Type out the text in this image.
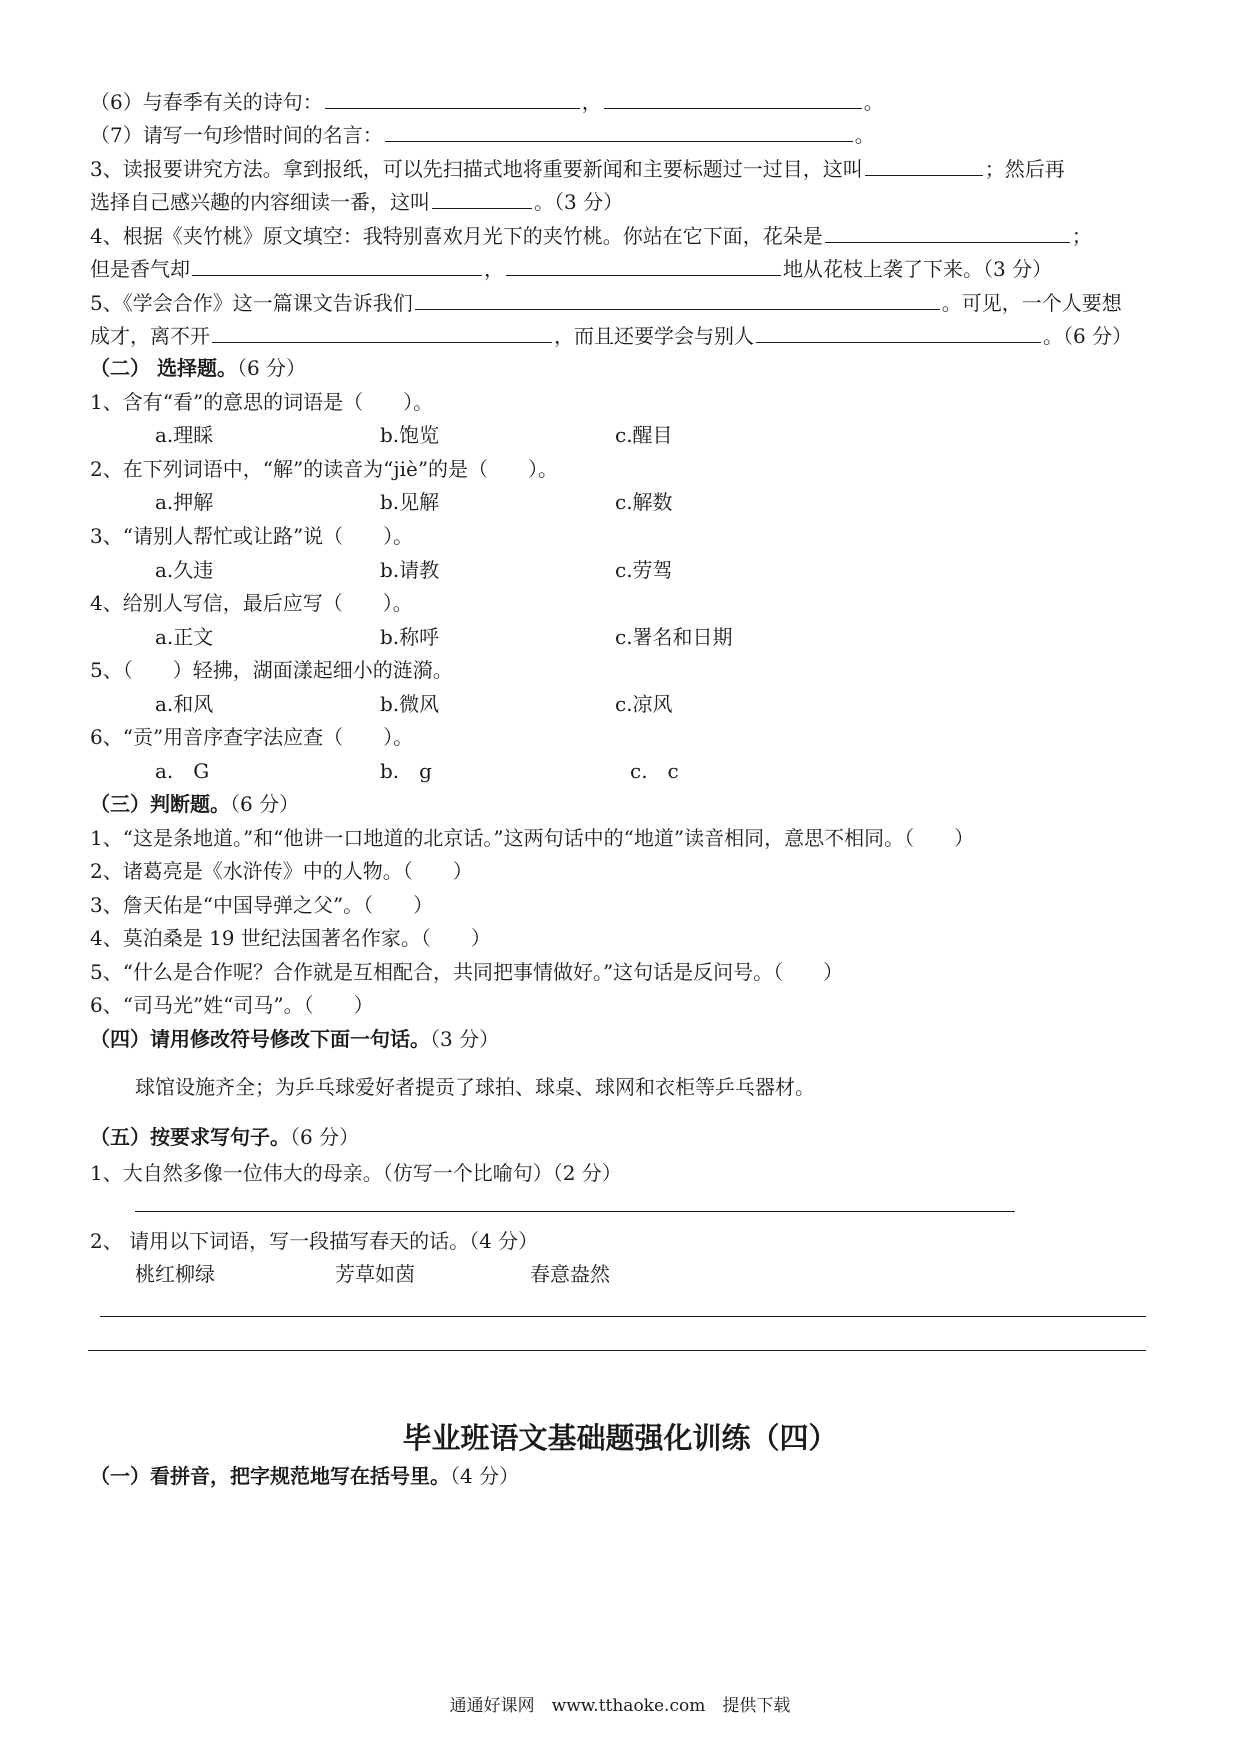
（6）与春季有关的诗句：	，	。
（7）请写一句珍惜时间的名言：	。
3、读报要讲究方法。拿到报纸，可以先扫描式地将重要新闻和主要标题过一过目，这叫	；然后再
选择自己感兴趣的内容细读一番，这叫	。（3 分）
4、根据《夹竹桃》原文填空：我特别喜欢月光下的夹竹桃。你站在它下面，花朵是	；
但是香气却	，	地从花枝上袭了下来。（3 分）
5、《学会合作》这一篇课文告诉我们	。可见，一个人要想
成才，离不开	，而且还要学会与别人	。（6 分）
（二） 选择题。（6 分）
1、含有“看”的意思的词语是（　　）。
a.理睬	b.饱览	c.醒目
2、在下列词语中，“解”的读音为“jiè”的是（　　）。
a.押解	b.见解	c.解数
3、“请别人帮忙或让路”说（　　）。
a.久违	b.请教	c.劳驾
4、给别人写信，最后应写（　　）。
a.正文	b.称呼	c.署名和日期
5、（　　）轻拂，湖面漾起细小的涟漪。
a.和风	b.微风	c.凉风
6、“贡”用音序查字法应查（　　）。
a.　G	b.　g	c.　c
（三）判断题。（6 分）
1、“这是条地道。”和“他讲一口地道的北京话。”这两句话中的“地道”读音相同，意思不相同。（　　）
2、诸葛亮是《水浒传》中的人物。（　　）
3、詹天佑是“中国导弹之父”。（　　）
4、莫泊桑是 19 世纪法国著名作家。（　　）
5、“什么是合作呢？合作就是互相配合，共同把事情做好。”这句话是反问号。（　　）
6、“司马光”姓“司马”。（　　）
（四）请用修改符号修改下面一句话。（3 分）
球馆设施齐全；为乒乓球爱好者提贡了球拍、球桌、球网和衣柜等乒乓器材。
（五）按要求写句子。（6 分）
1、大自然多像一位伟大的母亲。（仿写一个比喻句）（2 分）
2、 请用以下词语，写一段描写春天的话。（4 分）
桃红柳绿	芳草如茵	春意盎然
毕业班语文基础题强化训练（四）
（一）看拼音，把字规范地写在括号里。（4 分）
通通好课网　www.tthaoke.com　提供下载
